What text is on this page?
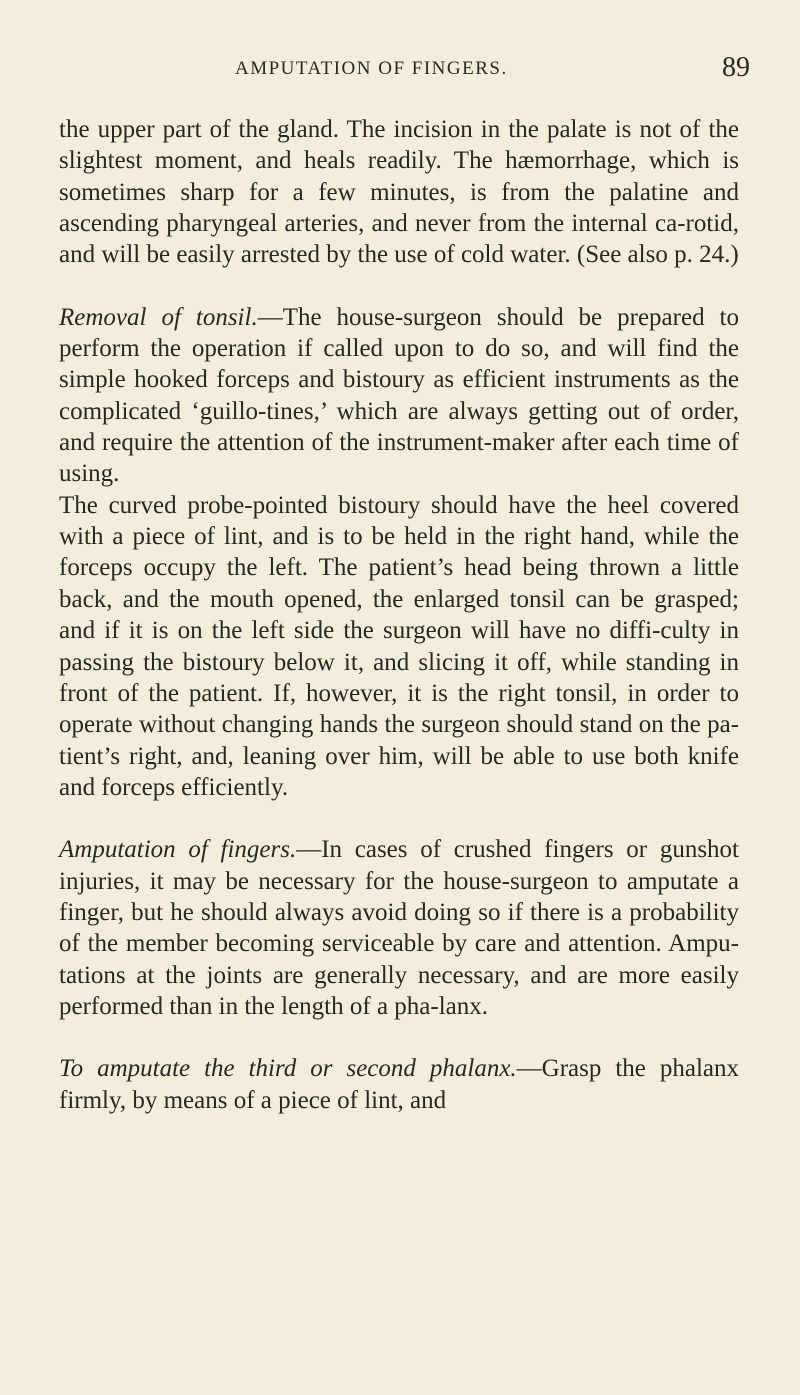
AMPUTATION OF FINGERS.	89

the upper part of the gland. The incision in the palate is not of the slightest moment, and heals readily. The hæmorrhage, which is sometimes sharp for a few minutes, is from the palatine and ascending pharyngeal arteries, and never from the internal ca-rotid, and will be easily arrested by the use of cold water. (See also p. 24.)

Removal of tonsil.—The house-surgeon should be prepared to perform the operation if called upon to do so, and will find the simple hooked forceps and bistoury as efficient instruments as the complicated ‘guillo-tines,’ which are always getting out of order, and require the attention of the instrument-maker after each time of using.

The curved probe-pointed bistoury should have the heel covered with a piece of lint, and is to be held in the right hand, while the forceps occupy the left. The patient’s head being thrown a little back, and the mouth opened, the enlarged tonsil can be grasped; and if it is on the left side the surgeon will have no diffi-culty in passing the bistoury below it, and slicing it off, while standing in front of the patient. If, however, it is the right tonsil, in order to operate without changing hands the surgeon should stand on the pa-tient’s right, and, leaning over him, will be able to use both knife and forceps efficiently.

Amputation of fingers.—In cases of crushed fingers or gunshot injuries, it may be necessary for the house-surgeon to amputate a finger, but he should always avoid doing so if there is a probability of the member becoming serviceable by care and attention. Ampu-tations at the joints are generally necessary, and are more easily performed than in the length of a pha-lanx.

To amputate the third or second phalanx.—Grasp the phalanx firmly, by means of a piece of lint, and
